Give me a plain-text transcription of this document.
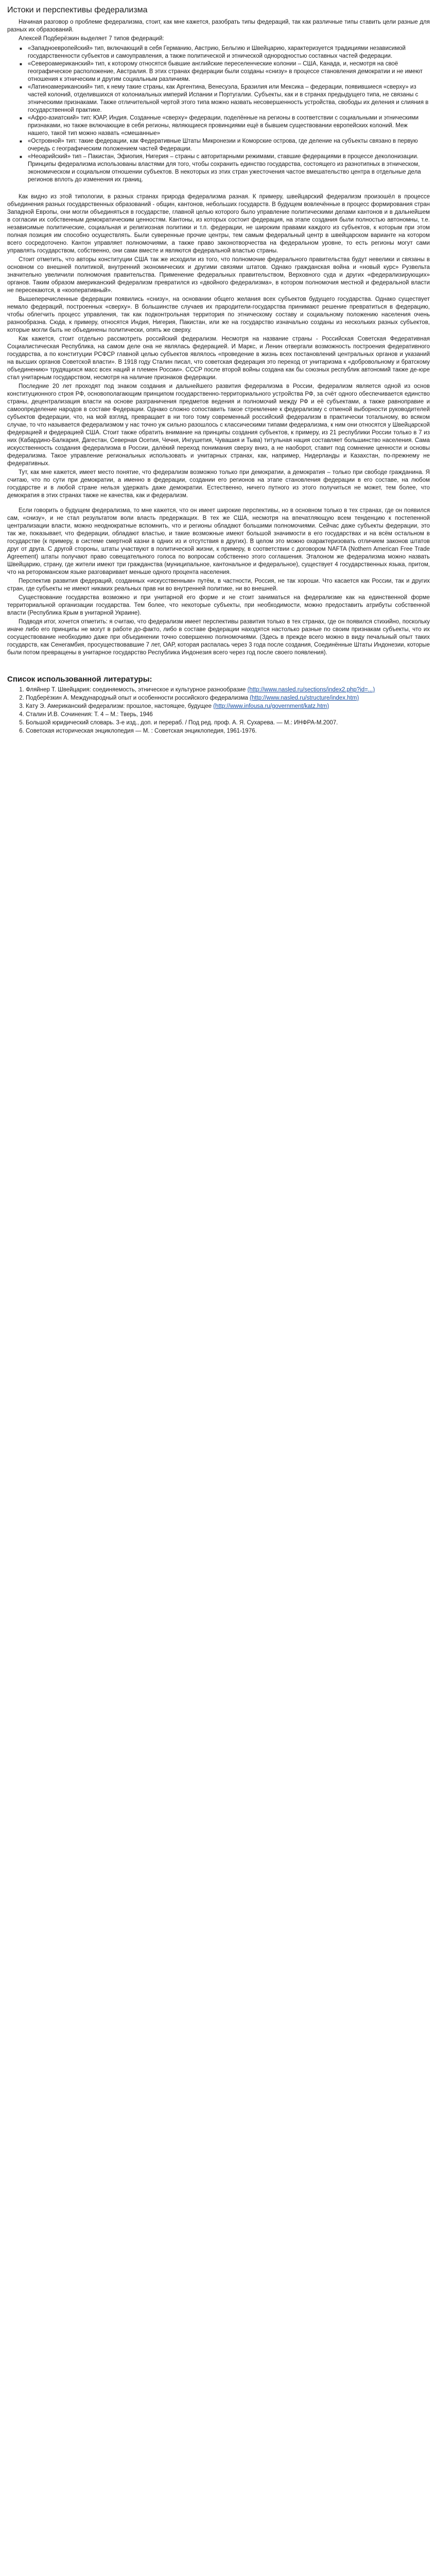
Истоки и перспективы федерализма

Начиная разговор о проблеме федерализма, стоит, как мне кажется, разобрать типы федераций, так как различные типы ставить цели разные для разных их образований.

Алексей Подберёзкин выделяет 7 типов федераций:

■ «Западноевропейский» тип, включающий в себя Германию, Австрию, Бельгию и Швейцарию, характеризуется традициями независимой государственности субъектов и самоуправления, а также политической и этнической однородностью составных частей федерации.
■ «Североамериканский» тип, к которому относятся бывшие английские переселенческие колонии – США, Канада, и, несмотря на своё географическое расположение, Австралия. В этих странах федерации были созданы «снизу» в процессе становления демократии и не имеют отношения к этническим и другим социальным различиям.
■ «Латиноамериканский» тип, к нему такие страны, как Аргентина, Венесуэла, Бразилия или Мексика – федерации, появившиеся «сверху» из частей колоний, отделившихся от колониальных империй Испании и Португалии. Субъекты, как и в странах предыдущего типа, не связаны с этническими признаками. Также отличительной чертой этого типа можно назвать несовершенность устройства, свободы их деления и слияния в государственной практике.
■ «Афро-азиатский» тип: ЮАР, Индия. Созданные «сверху» федерации, поделённые на регионы в соответствии с социальными и этническими признаками, но также включающие в себя регионы, являющиеся провинциями ещё в бывшем существовании европейских колоний. Меж нашего, такой тип можно назвать «смешанные»
■ «Островной» тип: такие федерации, как Федеративные Штаты Микронезии и Коморские острова, где деление на субъекты связано в первую очередь с географическим положением частей Федерации.
■ «Неоарийский» тип – Пакистан, Эфиопия, Нигерия – страны с авторитарными режимами, ставшие федерациями в процессе деколонизации. Принципы федерализма использованы властями для того, чтобы сохранить единство государства, состоящего из разнотипных в этническом, экономическом и социальном отношении субъектов. В некоторых из этих стран ужесточения частое вмешательство центра в отдельные дела регионов вплоть до изменения их границ.

Как видно из этой типологии, в разных странах природа федерализма разная. К примеру, швейцарский федерализм произошёл в процессе объединения разных государственных образований - общин, кантонов, небольших государств. В будущем вовлечённые в процесс формирования стран Западной Европы, они могли объединяться в государстве, главной целью которого было управление политическими делами кантонов и в дальнейшем в согласии их собственным демократическим ценностям. Кантоны, из которых состоит федерация, на этапе создания были полностью автономны, т.е. независимые политические, социальная и религиозная политики и т.п. федерации, не широким правами каждого из субъектов, к которым при этом полная позиция им способно осуществлять. Были суверенные прочие центры, тем самым федеральный центр в швейцарском варианте на котором всего сосредоточено. Кантон управляет полномочиями, а также право законотворчества на федеральном уровне, то есть регионы могут сами управлять государством, собственно, они сами вместе и являются федеральной властью страны.

Стоит отметить, что авторы конституции США так же исходили из того, что полномочие федерального правительства будут невелики и связаны в основном со внешней политикой, внутренний экономических и другими связями штатов. Однако гражданская война и «новый курс» Рузвельта значительно увеличили полномочия правительства. Применение федеральных правительством, Верховного суда и других «федерализирующих» органов. Таким образом американский федерализм превратился из «двойного федерализма», в котором полномочия местной и федеральной власти не пересекаются, в «кооперативный».

Вышеперечисленные федерации появились «снизу», на основании общего желания всех субъектов будущего государства. Однако существует немало федераций, построенных «сверху». В большинстве случаев их прародители-государства принимают решение превратиться в федерацию, чтобы облегчить процесс управления, так как подконтрольная территория по этническому составу и социальному положению населения очень разнообразна. Сюда, к примеру, относятся Индия, Нигерия, Пакистан, или же на государство изначально созданы из нескольких разных субъектов, которые могли быть не объединены политически, опять же сверху.

Как кажется, стоит отдельно рассмотреть российский федерализм. Несмотря на название страны - Российская Советская Федеративная Социалистическая Республика, на самом деле она не являлась федерацией. И Маркс, и Ленин отвергали возможность построения федеративного государства, а по конституции РСФСР главной целью субъектов являлось «проведение в жизнь всех постановлений центральных органов и указаний на высших органов Советской власти». В 1918 году Сталин писал, что советская федерация это переход от унитаризма к «добровольному и братскому объединению» трудящихся масс всех наций и племен России». СССР после второй войны создана как бы союзных республик автономий также де-юре стал унитарным государством, несмотря на наличие признаков федерации.

Последние 20 лет проходят под знаком создания и дальнейшего развития федерализма в России, федерализм является одной из основ конституционного строя РФ, основополагающим принципом государственно-территориального устройства РФ, за счёт одного обеспечивается единство страны, децентрализация власти на основе разграничения предметов ведения и полномочий между РФ и её субъектами, а также равноправие и самоопределение народов в составе Федерации. Однако сложно сопоставить такое стремление к федерализму с отменой выборности руководителей субъектов федерации, что, на мой взгляд, превращает в ни того тому современный российский федерализм в практически тотальному, во всяком случае, то что называется федерализмом у нас точно уж сильно разошлось с классическими типами федерализма, к ним они относятся у Швейцарской федерацией и федерацией США. Стоит также обратить внимание на принципы создания субъектов, к примеру, из 21 республики России только в 7 из них (Кабардино-Балкария, Дагестан, Северная Осетия, Чечня, Ингушетия, Чувашия и Тыва) титульная нация составляет большинство населения. Сама искусственность создания федерализма в России, далёкий переход понимания сверху вниз, а не наоборот, ставит под сомнение ценности и основы федерализма. Такое управление региональных использовать и унитарных странах, как, например, Нидерланды и Казахстан, по-прежнему не федеративных.

Тут, как мне кажется, имеет место понятие, что федерализм возможно только при демократии, а демократия – только при свободе гражданина. Я считаю, что по сути при демократии, а именно в федерации, создании его регионов на этапе становления федерации в его составе, на любом государстве и в любой стране нельзя удержать даже демократии. Естественно, ничего путного из этого получиться не может, тем более, что демократия в этих странах также не качества, как и федерализм.

Если говорить о будущем федерализма, то мне кажется, что он имеет широкие перспективы, но в основном только в тех странах, где он появился сам, «снизу», и не стал результатом воли власть предержащих. В тех же США, несмотря на впечатляющую всем тенденцию к постепенной централизации власти, можно неоднократные вспомнить, что и регионы обладают большими полномочиями. Сейчас даже субъекты федерации, это так же, показывает, что федерации, обладают властью, и такие возможные имеют большой значимости в его государствах и на всём остальном в государстве (к примеру, в системе смертной казни в одних из и отсутствия в других). В целом это можно охарактеризовать отличием законов штатов друг от друга. С другой стороны, штаты участвуют в политической жизни, к примеру, в соответствии с договором NAFTA (Nothern American Free Trade Agreement) штаты получают право совещательного голоса по вопросам собственно этого соглашения. Эталоном же федерализма можно назвать Швейцарию, страну, где жители имеют три гражданства (муниципальное, кантональное и федеральное), существует 4 государственных языка, притом, что на ретороманском языке разговаривает меньше одного процента населения.

Перспектив развития федераций, созданных «искусственным» путём, в частности, Россия, не так хороши. Что касается как России, так и других стран, где субъекты не имеют никаких реальных прав ни во внутренней политике, ни во внешней.

Существование государства возможно и при унитарной его форме и не стоит заниматься на федерализме как на единственной форме территориальной организации государства. Тем более, что некоторые субъекты, при необходимости, можно предоставить атрибуты собственной власти (Республика Крым в унитарной Украине).

Подводя итог, хочется отметить: я считаю, что федерализм имеет перспективы развития только в тех странах, где он появился стихийно, поскольку иначе либо его принципы не могут в работе до-факто, либо в составе федерации находятся настолько разные по своим признакам субъекты, что их сосуществование необходимо даже при объединении точно совершенно полномочиями. (Здесь в прежде всего можно в виду печальный опыт таких государств, как Сенегамбия, просуществовавшие 7 лет, ОАР, которая распалась через 3 года после создания, Соединённые Штаты Индонезии, которые были потом превращены в унитарное государство Республика Индонезия всего через год после своего появления).

Список использованной литературы:
1. Фляйнер Т. Швейцария: соединяемость, этническое и культурное разнообразие (http://www.nasled.ru/sections/index2.php?id=...)
2. Подберёзкин А. Международный опыт и особенности российского федерализма (http://www.nasled.ru/structure/index.htm)
3. Кату Э. Американский федерализм: прошлое, настоящее, будущее (http://www.infousa.ru/government/katz.htm)
4. Сталин И.В. Сочинения: Т. 4 – М.: Тверь, 1946
5. Большой юридический словарь. 3-е изд., доп. и перераб. / Под ред. проф. А. Я. Сухарева. — М.: ИНФРА-М.2007.
6. Советская историческая энциклопедия — М. : Советская энциклопедия, 1961-1976.
